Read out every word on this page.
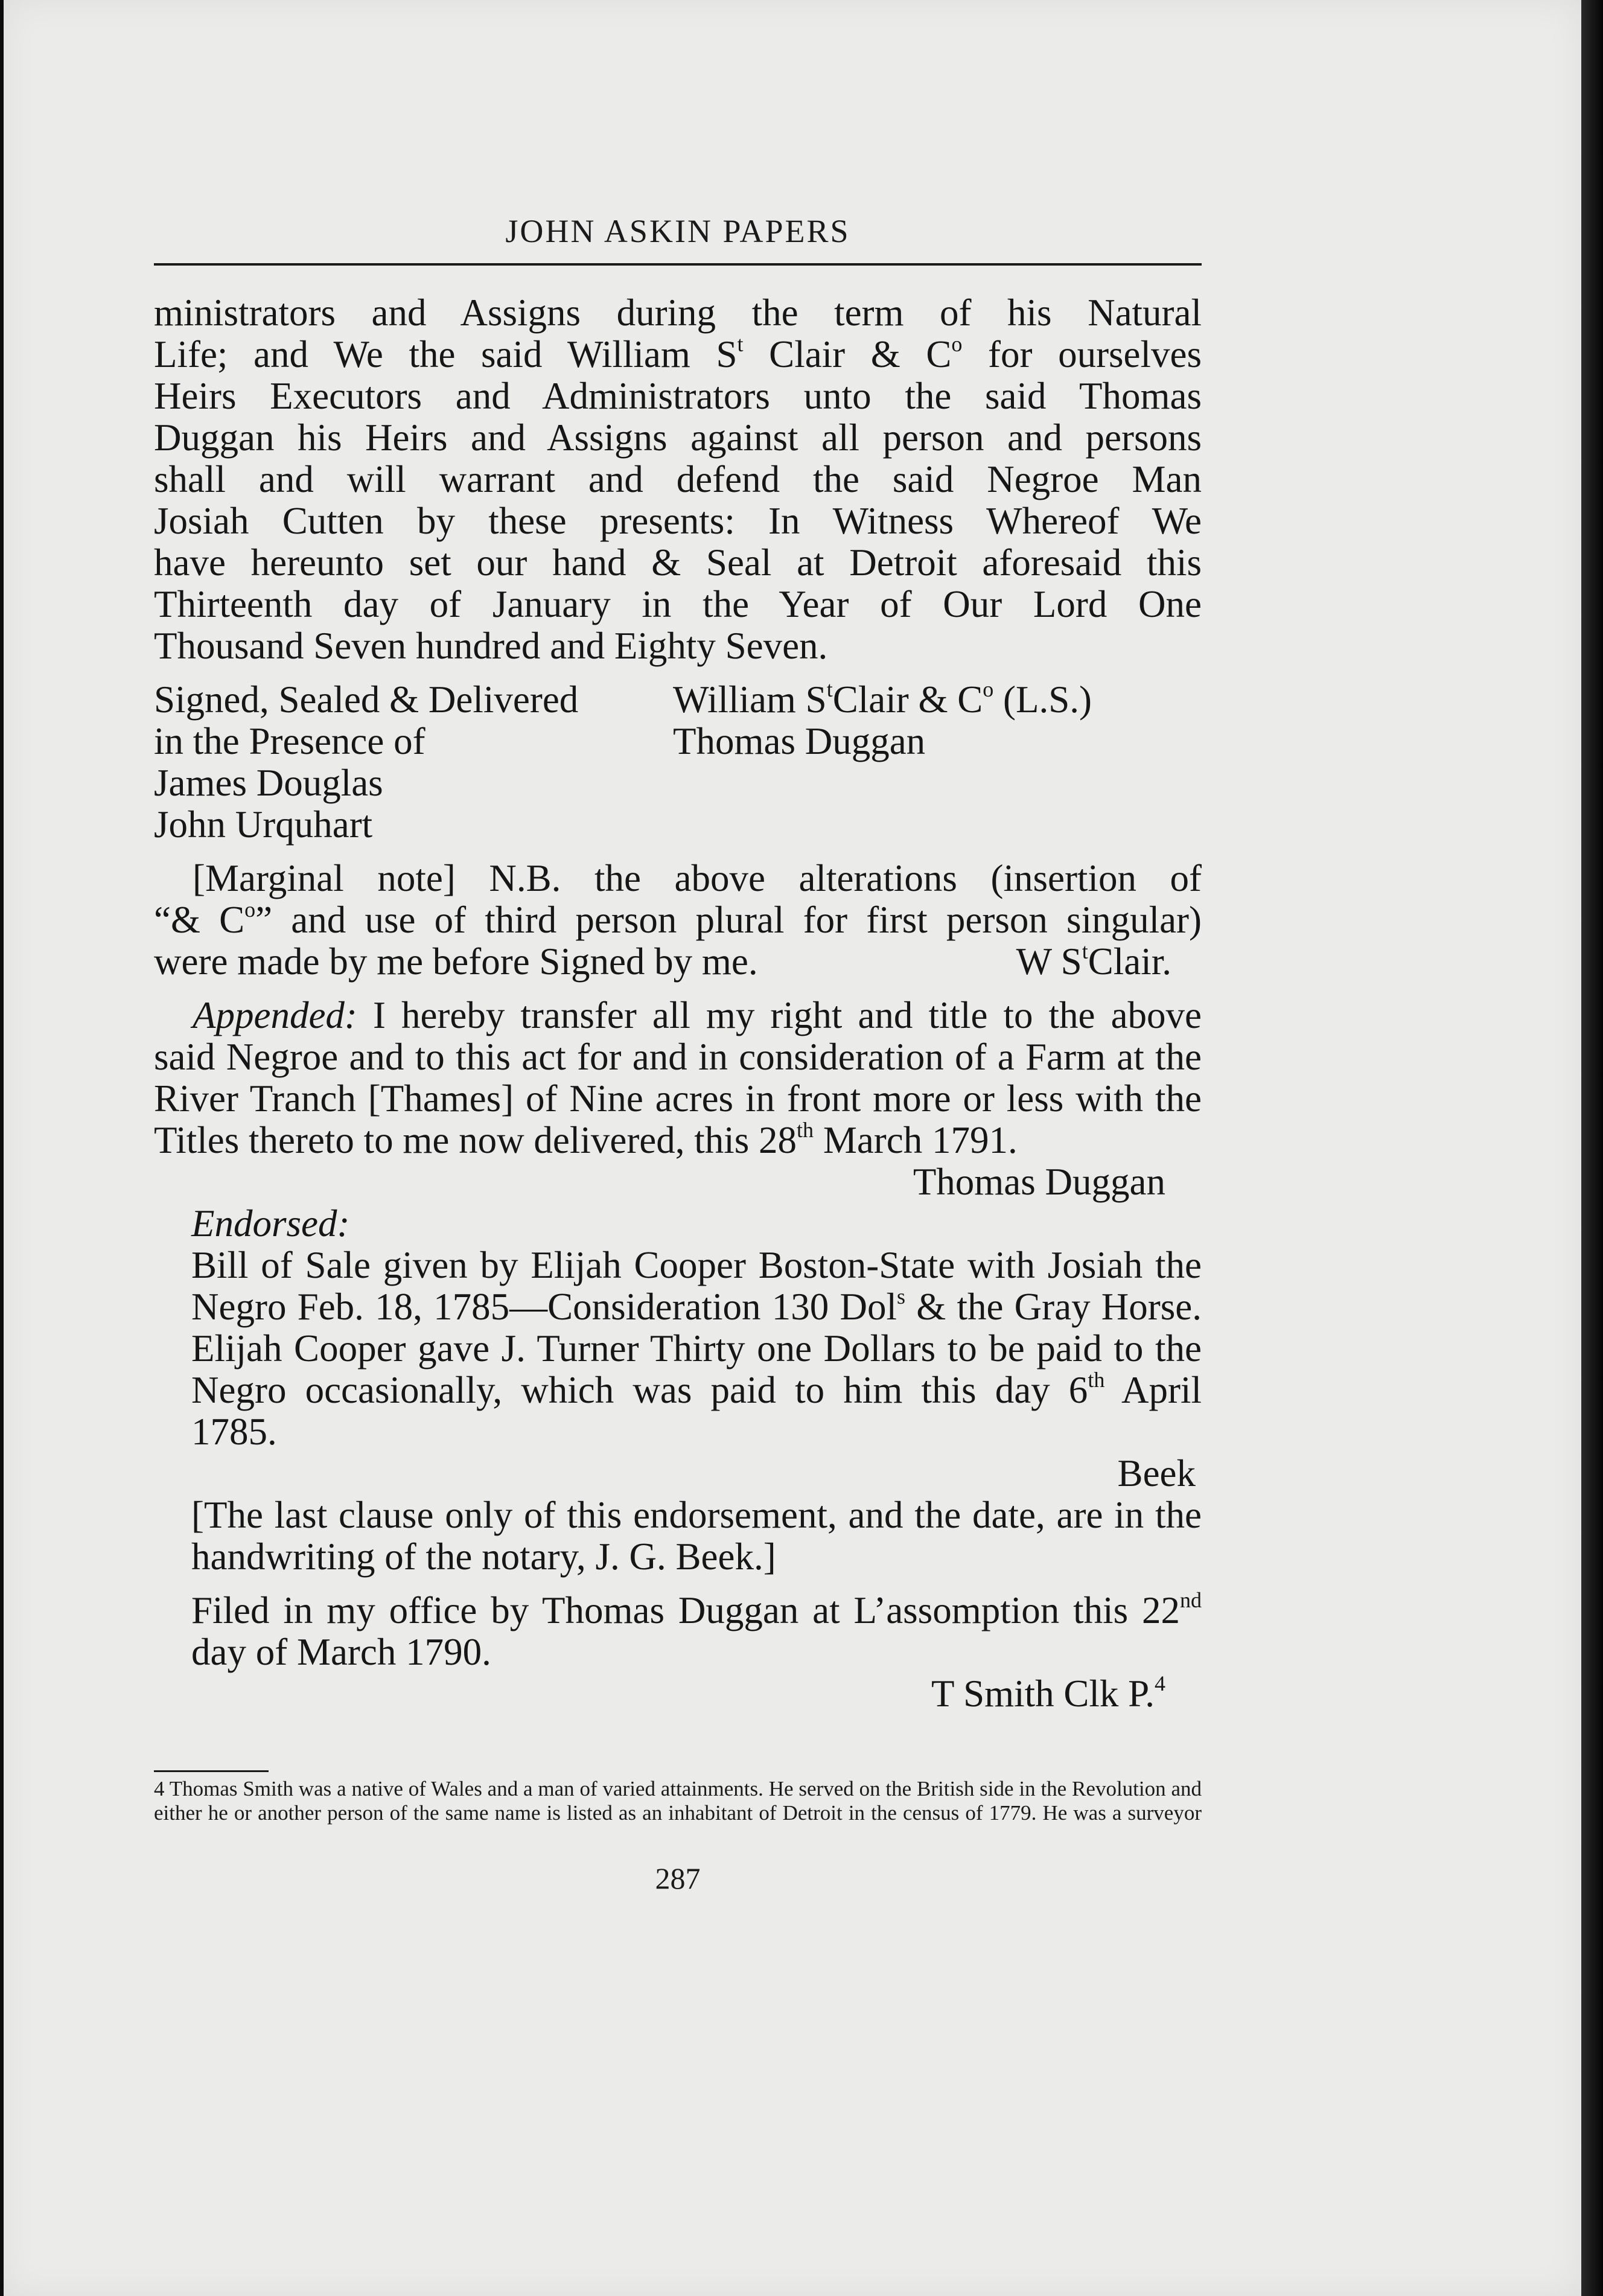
JOHN ASKIN PAPERS

ministrators and Assigns during the term of his Natural

Life; and We the said William $S^t$ Clair & $C^o$ for ourselves

Heirs Executors and Administrators unto the said Thomas

Duggan his Heirs and Assigns against all person and persons

shall and will warrant and defend the said Negroe Man

Josiah Cutten by these presents: In Witness Whereof We

have hereunto set our hand & Seal at Detroit aforesaid this

Thirteenth day of January in the Year of Our Lord One

Thousand Seven hundred and Eighty Seven.

Signed, Sealed & Delivered	William $S^tClair$ & $C^o$ (L.S.)
in the Presence of	Thomas Duggan
James Douglas
John Urquhart

[Marginal note] N.B. the above alterations (insertion of

“& $C^o$” and use of third person plural for first person singular)

were made by me before Signed by me.	W $S^tClair$.

Appended: I hereby transfer all my right and title to the above said Negroe and to this act for and in consideration of a Farm at the River Tranch [Thames] of Nine acres in front more or less with the Titles thereto to me now delivered, this 28th March 1791.

Thomas Duggan

Endorsed:

Bill of Sale given by Elijah Cooper Boston-State with Josiah the Negro Feb. 18, 1785—Consideration 130 Dol$^s$ & the Gray Horse. Elijah Cooper gave J. Turner Thirty one Dollars to be paid to the Negro occasionally, which was paid to him this day 6th April 1785.

Beek

[The last clause only of this endorsement, and the date, are in the handwriting of the notary, J. G. Beek.]

Filed in my office by Thomas Duggan at L’assomption this 22nd day of March 1790.

T Smith Clk P.$^4$

4 Thomas Smith was a native of Wales and a man of varied attainments. He served on the British side in the Revolution and either he or another person of the same name is listed as an inhabitant of Detroit in the census of 1779. He was a surveyor
287
